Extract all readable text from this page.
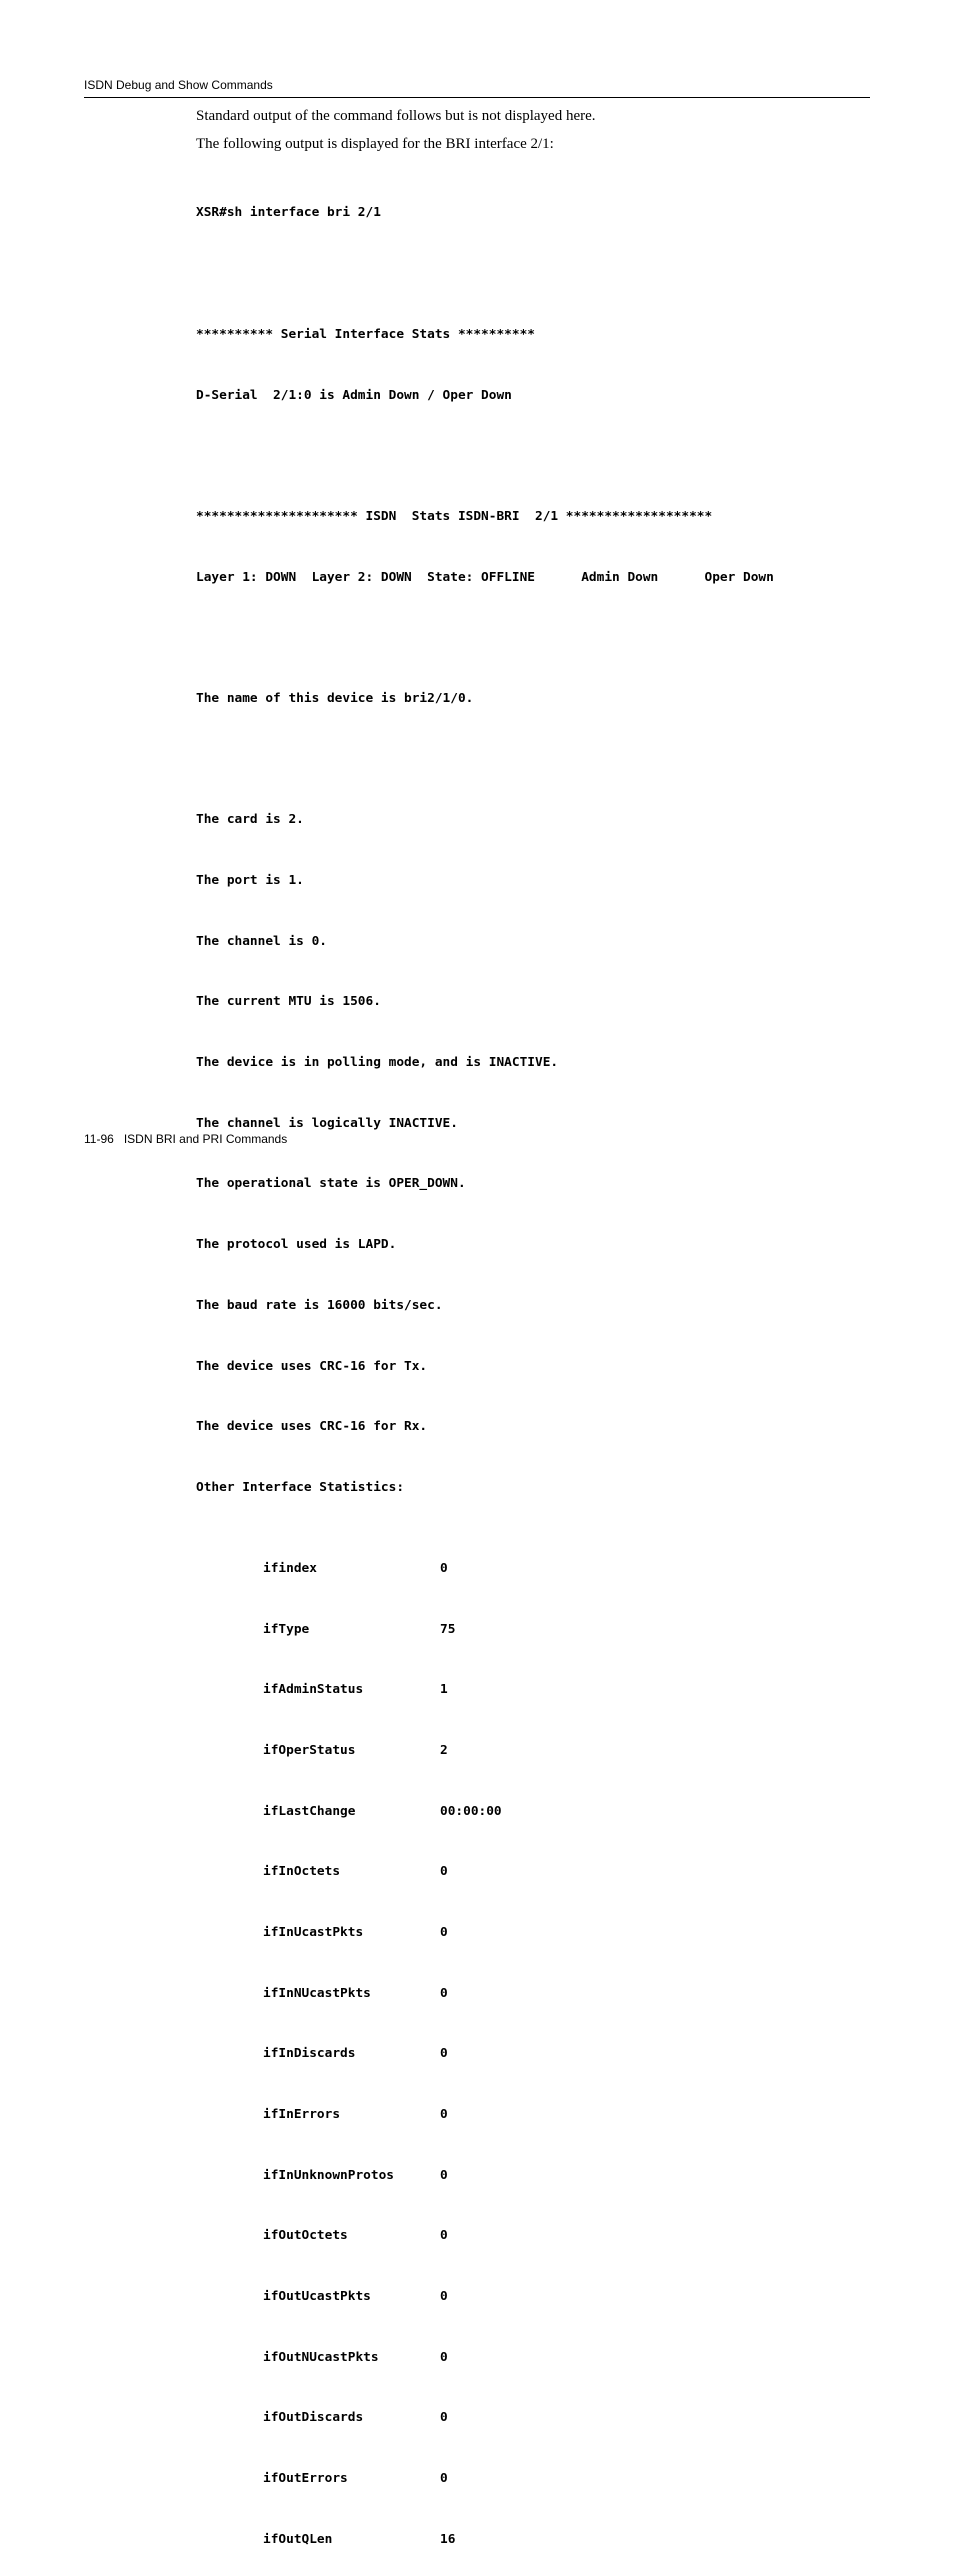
ISDN Debug and Show Commands

Standard output of the command follows but is not displayed here.

The following output is displayed for the BRI interface 2/1:

XSR#sh interface bri 2/1

********** Serial Interface Stats **********

D-Serial  2/1:0 is Admin Down / Oper Down

********************* ISDN  Stats ISDN-BRI  2/1 *******************

Layer 1: DOWN  Layer 2: DOWN  State: OFFLINE      Admin Down      Oper Down

The name of this device is bri2/1/0.

The card is 2.

The port is 1.

The channel is 0.

The current MTU is 1506.

The device is in polling mode, and is INACTIVE.

The channel is logically INACTIVE.

The operational state is OPER_DOWN.

The protocol used is LAPD.

The baud rate is 16000 bits/sec.

The device uses CRC-16 for Tx.

The device uses CRC-16 for Rx.

Other Interface Statistics:

ifindex	0

ifType	75

ifAdminStatus	1

ifOperStatus	2

ifLastChange	00:00:00

ifInOctets	0

ifInUcastPkts	0

ifInNUcastPkts	0

ifInDiscards	0

ifInErrors	0

ifInUnknownProtos	0

ifOutOctets	0

ifOutUcastPkts	0

ifOutNUcastPkts	0

ifOutDiscards	0

ifOutErrors	0

ifOutQLen	16

11-96 ISDN BRI and PRI Commands
